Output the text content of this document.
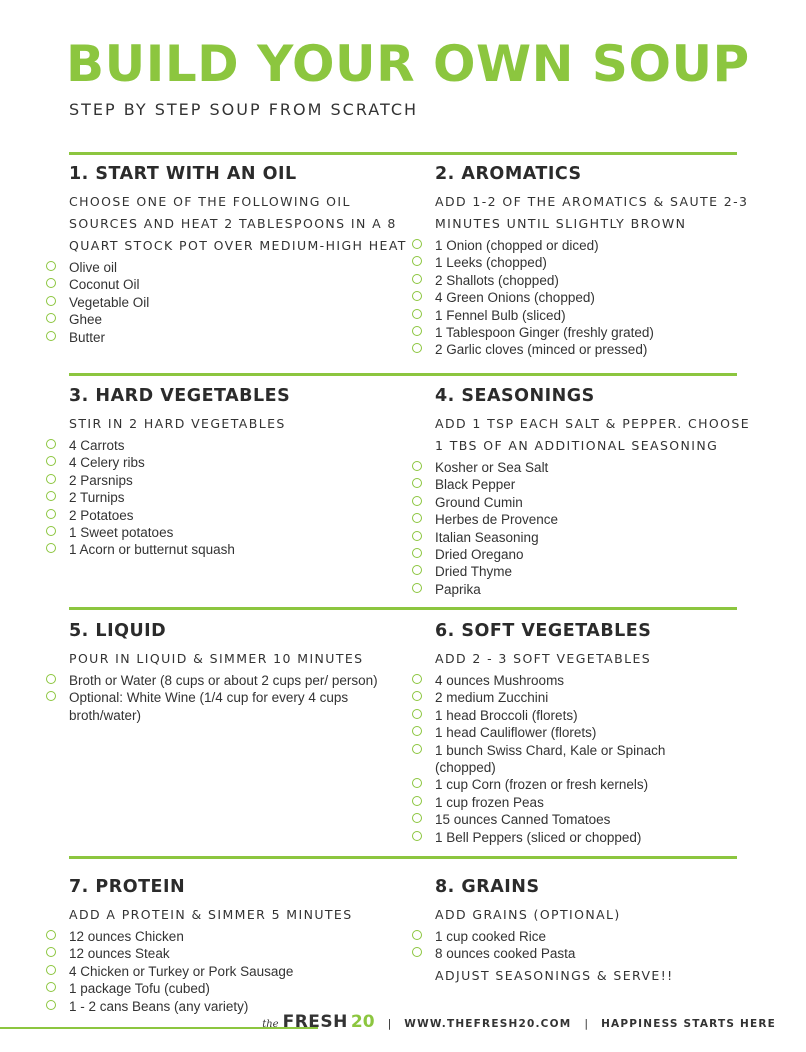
BUILD YOUR OWN SOUP

STEP BY STEP SOUP FROM SCRATCH

1. START WITH AN OIL

CHOOSE ONE OF THE FOLLOWING OIL SOURCES AND HEAT 2 TABLESPOONS IN A 8 QUART STOCK POT OVER MEDIUM-HIGH HEAT

Olive oil
Coconut Oil
Vegetable Oil
Ghee
Butter
2. AROMATICS

ADD 1-2 OF THE AROMATICS & SAUTE 2-3 MINUTES UNTIL SLIGHTLY BROWN

1 Onion (chopped or diced)
1 Leeks (chopped)
2 Shallots (chopped)
4 Green Onions (chopped)
1 Fennel Bulb (sliced)
1 Tablespoon Ginger (freshly grated)
2 Garlic cloves (minced or pressed)
3. HARD VEGETABLES

STIR IN 2 HARD VEGETABLES

4 Carrots
4 Celery ribs
2 Parsnips
2 Turnips
2 Potatoes
1 Sweet potatoes
1 Acorn or butternut squash
4. SEASONINGS

ADD 1 TSP EACH SALT & PEPPER. CHOOSE 1 TBS OF AN ADDITIONAL SEASONING

Kosher or Sea Salt
Black Pepper
Ground Cumin
Herbes de Provence
Italian Seasoning
Dried Oregano
Dried Thyme
Paprika
5. LIQUID

POUR IN LIQUID & SIMMER 10 MINUTES

Broth or Water (8 cups or about 2 cups per/ person)
Optional: White Wine (1/4 cup for every 4 cups broth/water)
6. SOFT VEGETABLES

ADD 2 - 3 SOFT VEGETABLES

4 ounces Mushrooms
2 medium Zucchini
1 head Broccoli (florets)
1 head Cauliflower (florets)
1 bunch Swiss Chard, Kale or Spinach (chopped)
1 cup Corn (frozen or fresh kernels)
1 cup frozen Peas
15 ounces Canned Tomatoes
1 Bell Peppers (sliced or chopped)
7. PROTEIN

ADD A PROTEIN & SIMMER 5 MINUTES

12 ounces Chicken
12 ounces Steak
4 Chicken or Turkey or Pork Sausage
1 package Tofu (cubed)
1 - 2 cans Beans (any variety)
8. GRAINS

ADD GRAINS (OPTIONAL)

1 cup cooked Rice
8 ounces cooked Pasta

ADJUST SEASONINGS & SERVE!!

the FRESH 20 | WWW.THEFRESH20.COM | HAPPINESS STARTS HERE
